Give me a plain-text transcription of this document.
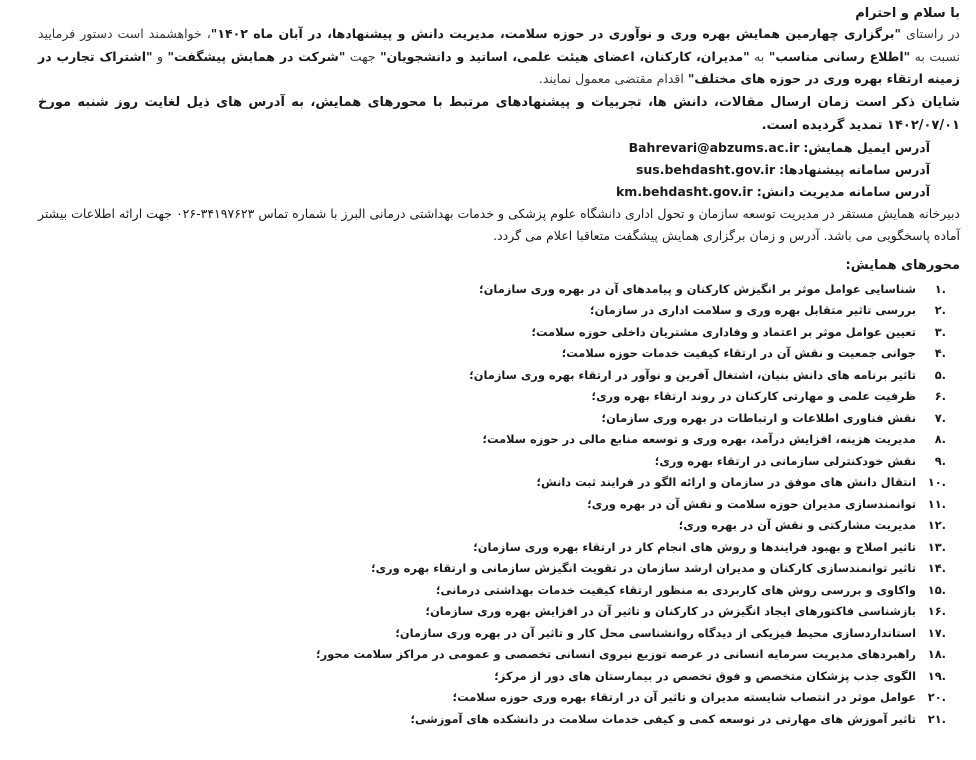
با سلام و احترام

در راستای "برگزاری چهارمین همایش بهره وری و نوآوری در حوزه سلامت، مدیریت دانش و پیشنهادها، در آبان ماه ۱۴۰۲"، خواهشمند است دستور فرمایید نسبت به "اطلاع رسانی مناسب" به "مدیران، کارکنان، اعضای هیئت علمی، اساتید و دانشجویان" جهت "شرکت در همایش پیشگفت" و "اشتراک تجارب در زمینه ارتقاء بهره وری در حوزه های مختلف" اقدام مقتضی معمول نمایند.

شایان ذکر است زمان ارسال مقالات، دانش ها، تجربیات و پیشنهادهای مرتبط با محورهای همایش، به آدرس های ذیل لغایت روز شنبه مورخ ۱۴۰۲/۰۷/۰۱ تمدید گردیده است.

آدرس ایمیل همایش: Bahrevari@abzums.ac.ir

آدرس سامانه پیشنهادها: sus.behdasht.gov.ir

آدرس سامانه مدیریت دانش: km.behdasht.gov.ir

دبیرخانه همایش مستقر در مدیریت توسعه سازمان و تحول اداری دانشگاه علوم پزشکی و خدمات بهداشتی درمانی البرز با شماره تماس ۳۴۱۹۷۶۲۳-۰۲۶ جهت ارائه اطلاعات بیشتر آماده پاسخگویی می باشد. آدرس و زمان برگزاری همایش پیشگفت متعاقبا اعلام می گردد.

محورهای همایش:

.۱
شناسایی عوامل موثر بر انگیزش کارکنان و پیامدهای آن در بهره وری سازمان؛
.۲
بررسی تاثیر متقابل بهره وری و سلامت اداری در سازمان؛
.۳
تعیین عوامل موثر بر اعتماد و وفاداری مشتریان داخلی حوزه سلامت؛
.۴
جوانی جمعیت و نقش آن در ارتقاء کیفیت خدمات حوزه سلامت؛
.۵
تاثیر برنامه های دانش بنیان، اشتغال آفرین و نوآور در ارتقاء بهره وری سازمان؛
.۶
ظرفیت علمی و مهارتی کارکنان در روند ارتقاء بهره وری؛
.۷
نقش فناوری اطلاعات و ارتباطات در بهره وری سازمان؛
.۸
مدیریت هزینه، افزایش درآمد، بهره وری و توسعه منابع مالی در حوزه سلامت؛
.۹
نقش خودکنترلی سازمانی در ارتقاء بهره وری؛
.۱۰
انتقال دانش های موفق در سازمان و ارائه الگو در فرایند ثبت دانش؛
.۱۱
توانمندسازی مدیران حوزه سلامت و نقش آن در بهره وری؛
.۱۲
مدیریت مشارکتی و نقش آن در بهره وری؛
.۱۳
تاثیر اصلاح و بهبود فرایندها و روش های انجام کار در ارتقاء بهره وری سازمان؛
.۱۴
تاثیر توانمندسازی کارکنان و مدیران ارشد سازمان در تقویت انگیزش سازمانی و ارتقاء بهره وری؛
.۱۵
واکاوی و بررسی روش های کاربردی به منظور ارتقاء کیفیت خدمات بهداشتی درمانی؛
.۱۶
بازشناسی فاکتورهای ایجاد انگیزش در کارکنان و تاثیر آن در افزایش بهره وری سازمان؛
.۱۷
استانداردسازی محیط فیزیکی از دیدگاه روانشناسی محل کار و تاثیر آن در بهره وری سازمان؛
.۱۸
راهبردهای مدیریت سرمایه انسانی در عرصه توزیع نیروی انسانی تخصصی و عمومی در مراکز سلامت محور؛
.۱۹
الگوی جذب پزشکان متخصص و فوق تخصص در بیمارستان های دور از مرکز؛
.۲۰
عوامل موثر در انتصاب شایسته مدیران و تاثیر آن در ارتقاء بهره وری حوزه سلامت؛
.۲۱
تاثیر آموزش های مهارتی در توسعه کمی و کیفی خدمات سلامت در دانشکده های آموزشی؛
